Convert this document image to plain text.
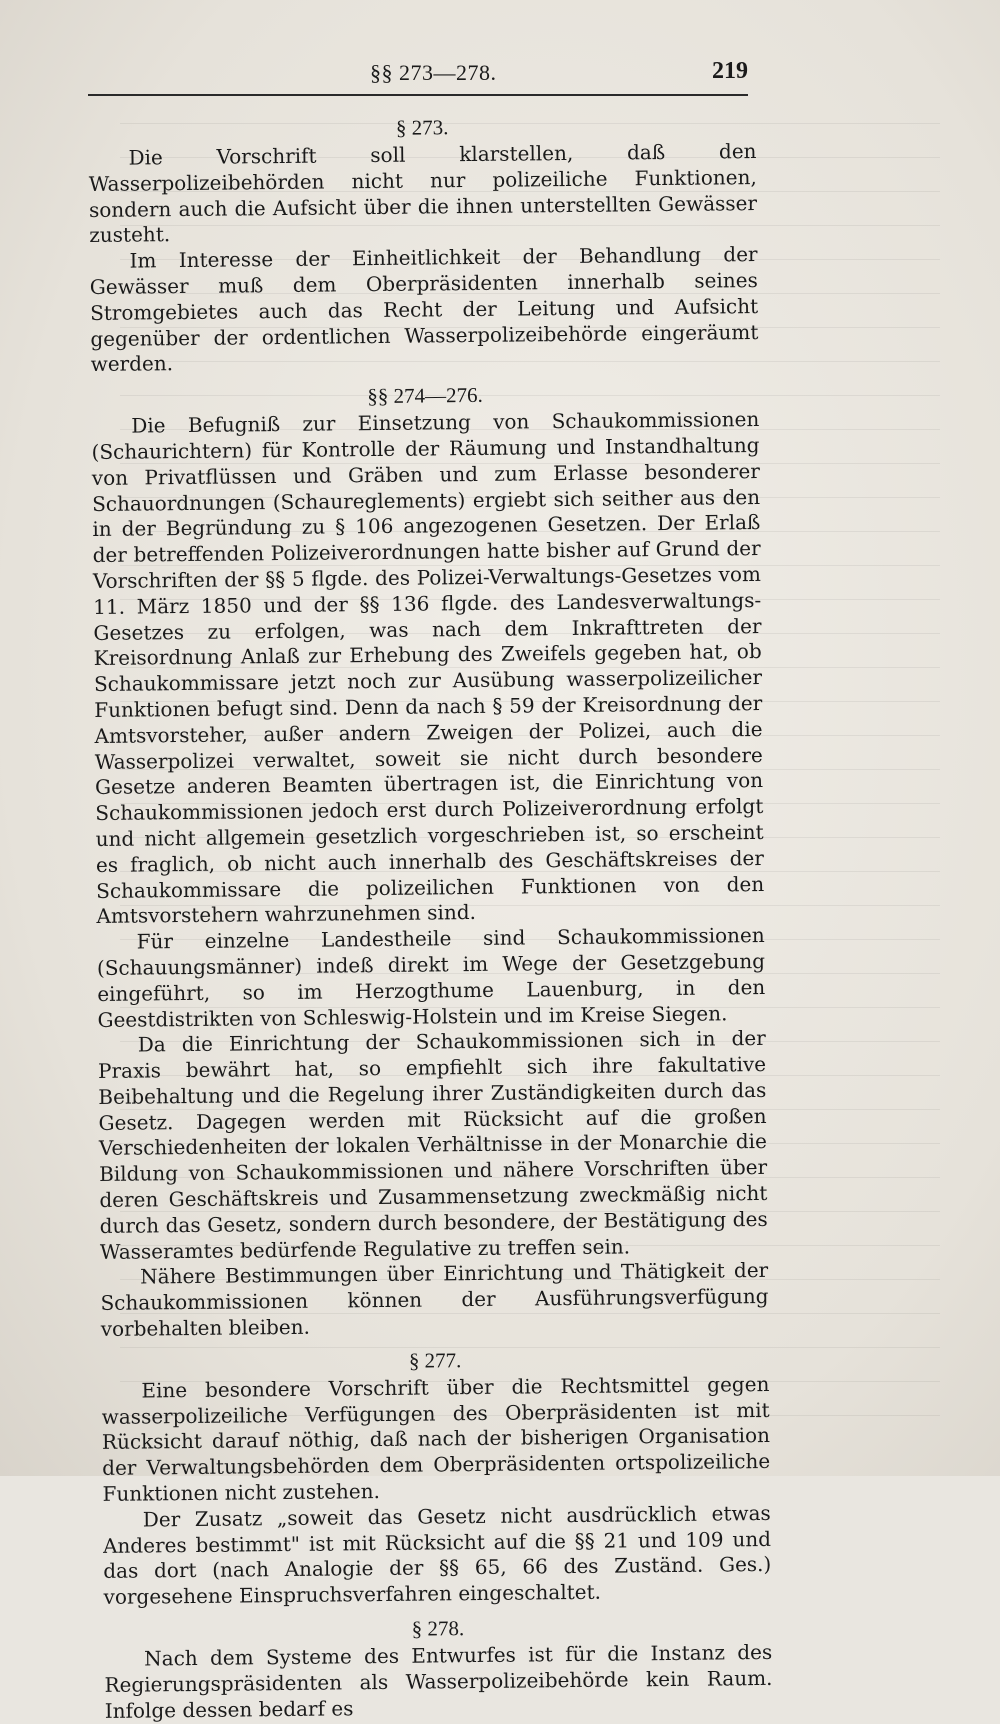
§§ 273—278.	219
§ 273.

Die Vorschrift soll klarstellen, daß den Wasserpolizeibehörden nicht nur polizeiliche Funktionen, sondern auch die Aufsicht über die ihnen unterstellten Gewässer zusteht.

Im Interesse der Einheitlichkeit der Behandlung der Gewässer muß dem Oberpräsidenten innerhalb seines Stromgebietes auch das Recht der Leitung und Aufsicht gegenüber der ordentlichen Wasserpolizeibehörde eingeräumt werden.

§§ 274—276.

Die Befugniß zur Einsetzung von Schaukommissionen (Schaurichtern) für Kontrolle der Räumung und Instandhaltung von Privatflüssen und Gräben und zum Erlasse besonderer Schauordnungen (Schaureglements) ergiebt sich seither aus den in der Begründung zu § 106 angezogenen Gesetzen. Der Erlaß der betreffenden Polizeiverordnungen hatte bisher auf Grund der Vorschriften der §§ 5 flgde. des Polizei-Verwaltungs-Gesetzes vom 11. März 1850 und der §§ 136 flgde. des Landesverwaltungs-Gesetzes zu erfolgen, was nach dem Inkrafttreten der Kreisordnung Anlaß zur Erhebung des Zweifels gegeben hat, ob Schaukommissare jetzt noch zur Ausübung wasserpolizeilicher Funktionen befugt sind. Denn da nach § 59 der Kreisordnung der Amtsvorsteher, außer andern Zweigen der Polizei, auch die Wasserpolizei verwaltet, soweit sie nicht durch besondere Gesetze anderen Beamten übertragen ist, die Einrichtung von Schaukommissionen jedoch erst durch Polizeiverordnung erfolgt und nicht allgemein gesetzlich vorgeschrieben ist, so erscheint es fraglich, ob nicht auch innerhalb des Geschäftskreises der Schaukommissare die polizeilichen Funktionen von den Amtsvorstehern wahrzunehmen sind.

Für einzelne Landestheile sind Schaukommissionen (Schauungsmänner) indeß direkt im Wege der Gesetzgebung eingeführt, so im Herzogthume Lauenburg, in den Geestdistrikten von Schleswig-Holstein und im Kreise Siegen.

Da die Einrichtung der Schaukommissionen sich in der Praxis bewährt hat, so empfiehlt sich ihre fakultative Beibehaltung und die Regelung ihrer Zuständigkeiten durch das Gesetz. Dagegen werden mit Rücksicht auf die großen Verschiedenheiten der lokalen Verhältnisse in der Monarchie die Bildung von Schaukommissionen und nähere Vorschriften über deren Geschäftskreis und Zusammensetzung zweckmäßig nicht durch das Gesetz, sondern durch besondere, der Bestätigung des Wasseramtes bedürfende Regulative zu treffen sein.

Nähere Bestimmungen über Einrichtung und Thätigkeit der Schaukommissionen können der Ausführungsverfügung vorbehalten bleiben.

§ 277.

Eine besondere Vorschrift über die Rechtsmittel gegen wasserpolizeiliche Verfügungen des Oberpräsidenten ist mit Rücksicht darauf nöthig, daß nach der bisherigen Organisation der Verwaltungsbehörden dem Oberpräsidenten ortspolizeiliche Funktionen nicht zustehen.

Der Zusatz „soweit das Gesetz nicht ausdrücklich etwas Anderes bestimmt" ist mit Rücksicht auf die §§ 21 und 109 und das dort (nach Analogie der §§ 65, 66 des Zuständ. Ges.) vorgesehene Einspruchsverfahren eingeschaltet.

§ 278.

Nach dem Systeme des Entwurfes ist für die Instanz des Regierungspräsidenten als Wasserpolizeibehörde kein Raum. Infolge dessen bedarf es
